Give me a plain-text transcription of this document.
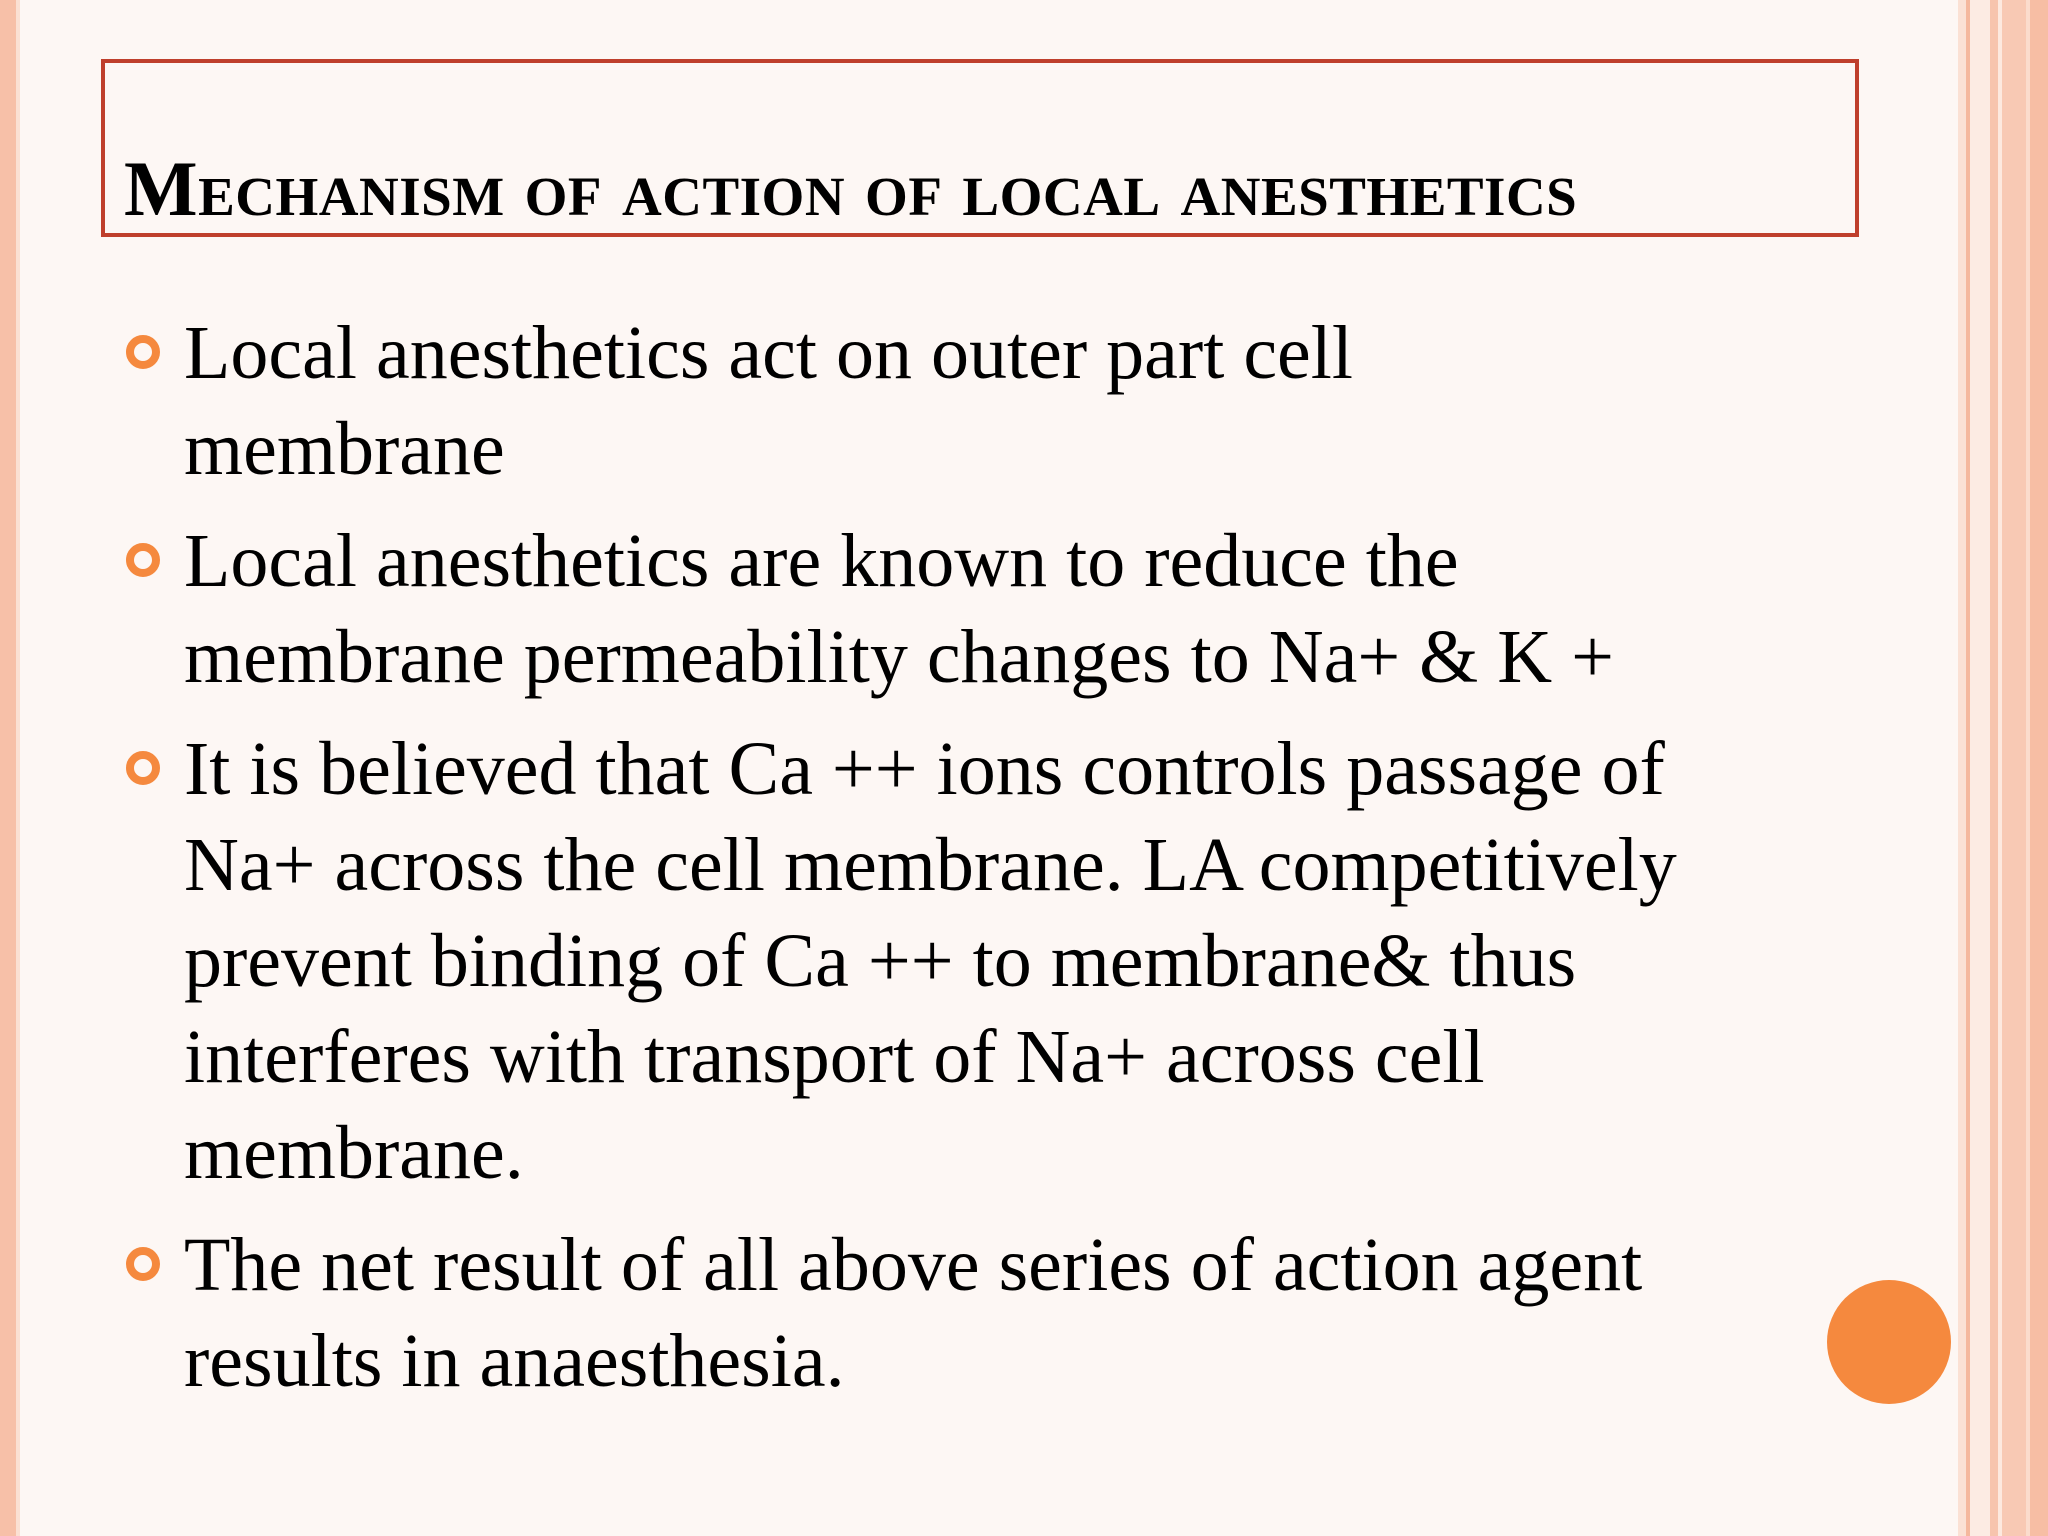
Mechanism of action of local anesthetics

Local anesthetics act on outer part cell
membrane

Local anesthetics are known to reduce the
membrane permeability changes to Na+ & K +

It is believed that Ca ++ ions controls passage of
Na+ across the cell membrane. LA competitively
prevent binding of Ca ++ to membrane& thus
interferes with transport of Na+ across cell
membrane.

The net result of all above series of action agent
results in anaesthesia.
